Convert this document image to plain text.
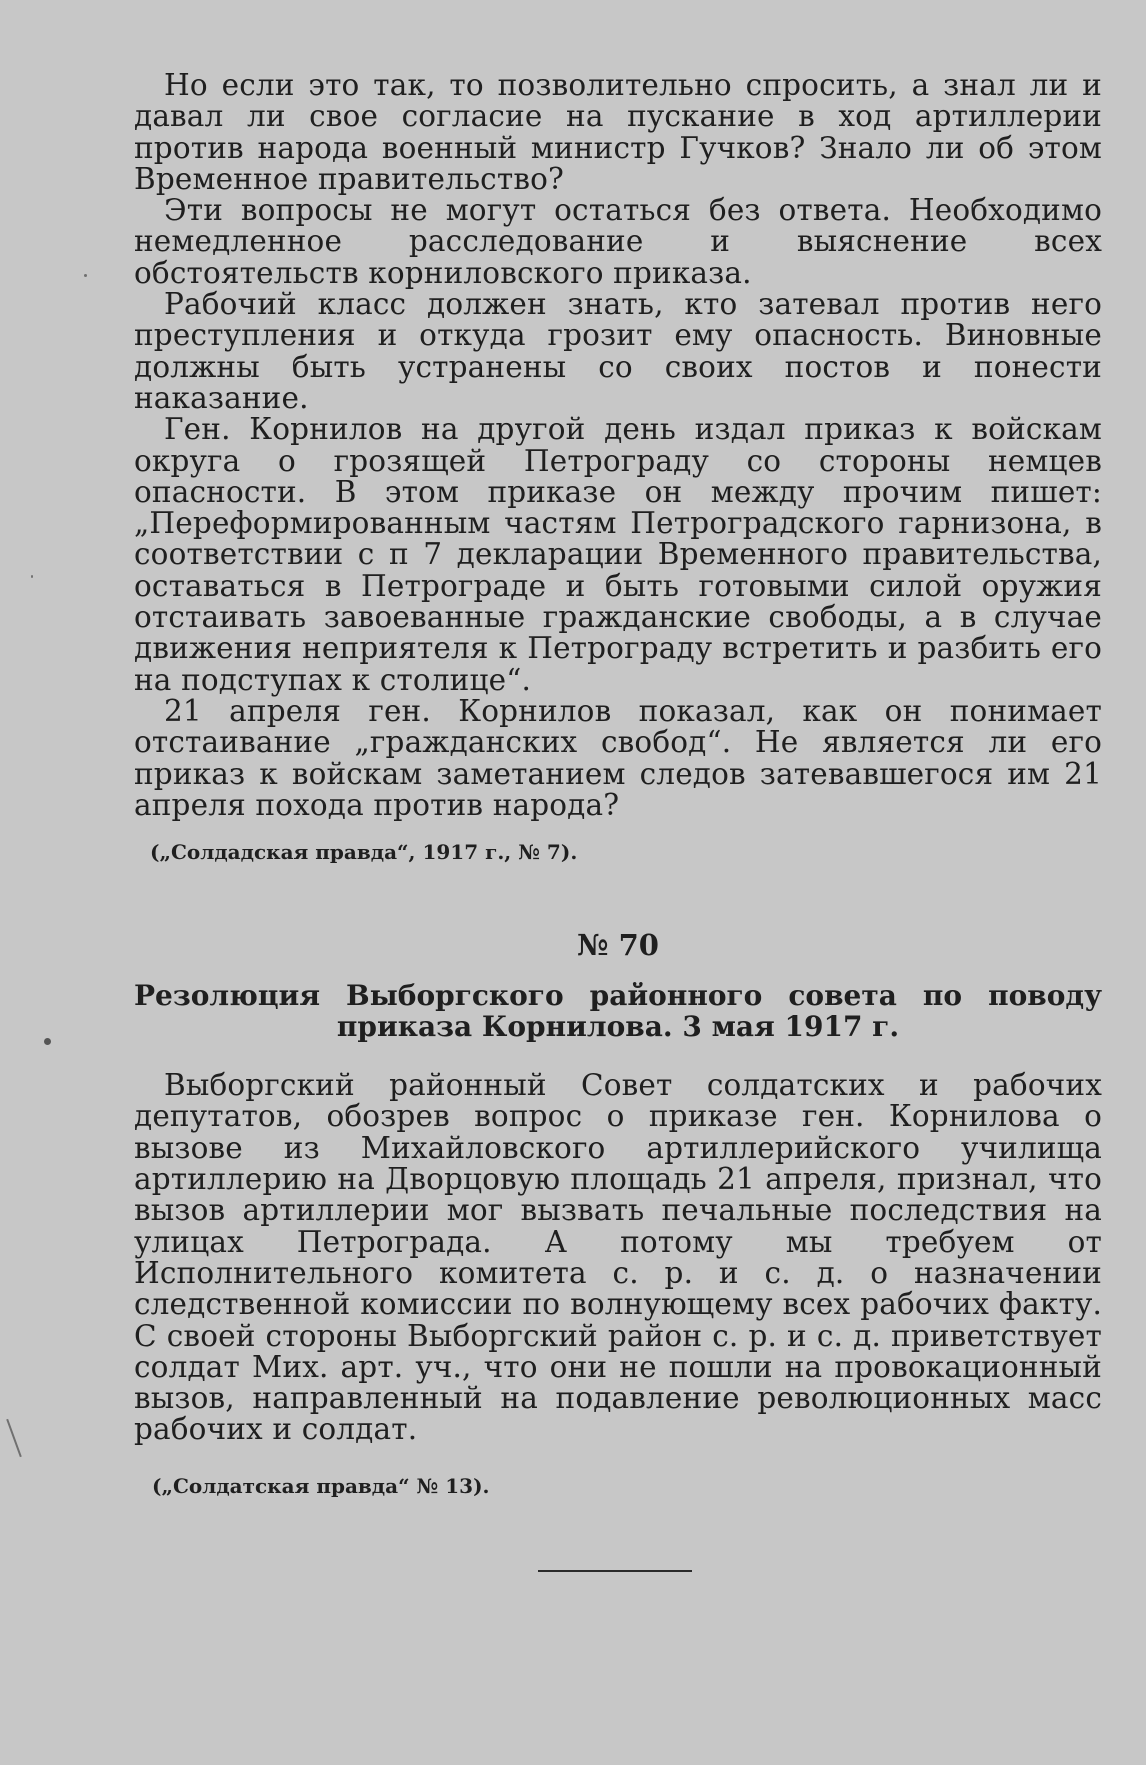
Но если это так, то позволительно спросить, а знал ли и давал ли свое согласие на пускание в ход артиллерии против народа военный министр Гучков? Знало ли об этом Временное правительство?

Эти вопросы не могут остаться без ответа. Необходимо немедленное расследование и выяснение всех обстоятельств корниловского приказа.

Рабочий класс должен знать, кто затевал против него преступления и откуда грозит ему опасность. Виновные должны быть устранены со своих постов и понести наказание.

Ген. Корнилов на другой день издал приказ к войскам округа о грозящей Петрограду со стороны немцев опасности. В этом приказе он между прочим пишет: „Переформированным частям Петроградского гарнизона, в соответствии с п 7 декларации Временного правительства, оставаться в Петрограде и быть готовыми силой оружия отстаивать завоеванные гражданские свободы, а в случае движения неприятеля к Петрограду встретить и разбить его на подступах к столице“.

21 апреля ген. Корнилов показал, как он понимает отстаивание „гражданских свобод“. Не является ли его приказ к войскам заметанием следов затевавшегося им 21 апреля похода против народа?

(„Солдадская правда“, 1917 г., № 7).
№ 70
Резолюция Выборгского районного совета по поводу приказа Корнилова. 3 мая 1917 г.

Выборгский районный Совет солдатских и рабочих депутатов, обозрев вопрос о приказе ген. Корнилова о вызове из Михайловского артиллерийского училища артиллерию на Дворцовую площадь 21 апреля, признал, что вызов артиллерии мог вызвать печальные последствия на улицах Петрограда. А потому мы требуем от Исполнительного комитета с. р. и с. д. о назначении следственной комиссии по волнующему всех рабочих факту. С своей стороны Выборгский район с. р. и с. д. приветствует солдат Мих. арт. уч., что они не пошли на провокационный вызов, направленный на подавление революционных масс рабочих и солдат.

(„Солдатская правда“ № 13).
